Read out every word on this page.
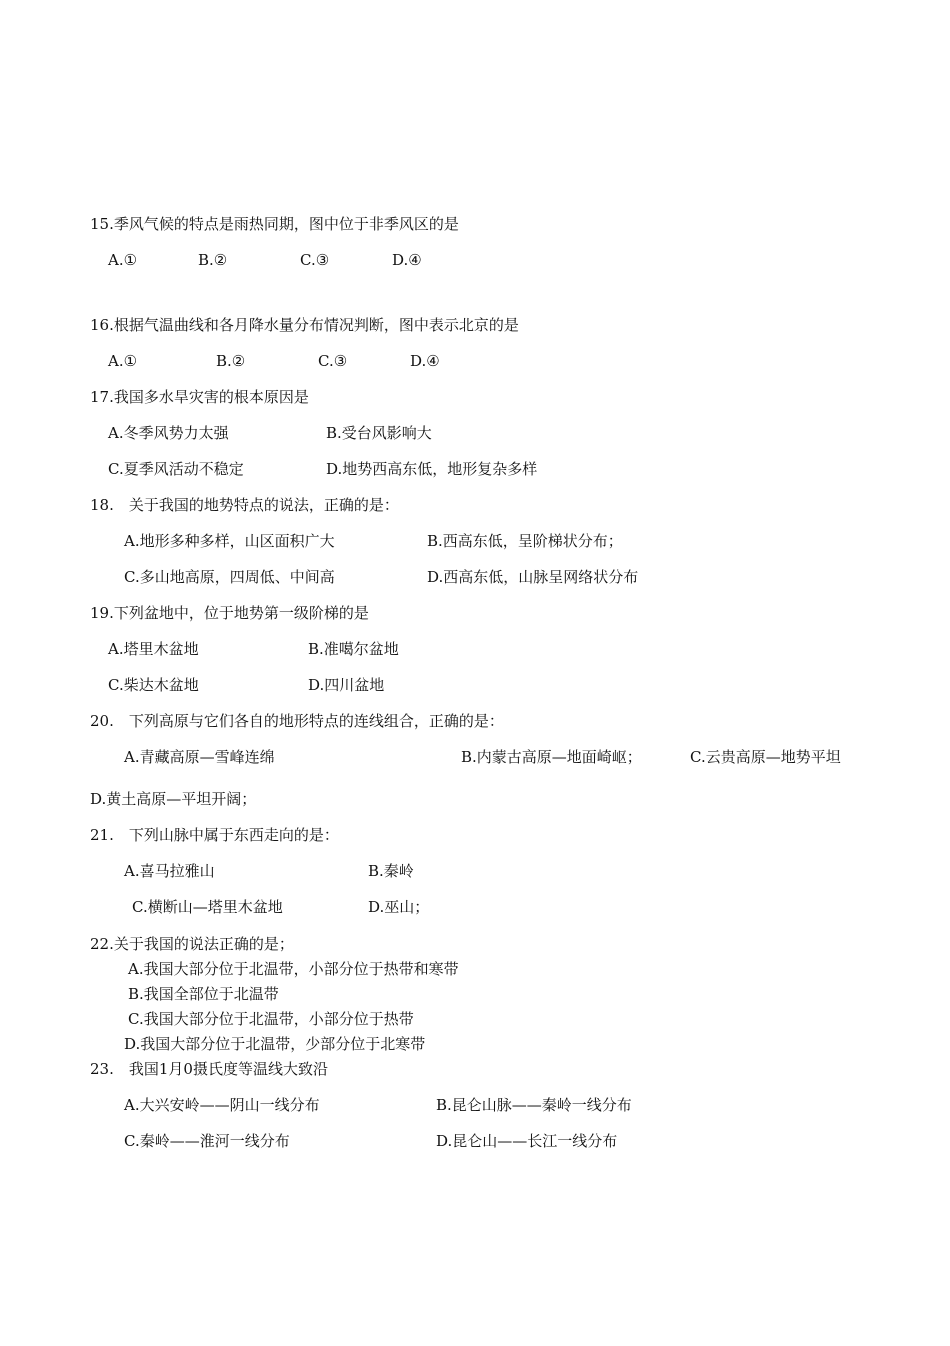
15.季风气候的特点是雨热同期，图中位于非季风区的是
A.①	B.②	C.③	D.④
16.根据气温曲线和各月降水量分布情况判断，图中表示北京的是
A.①	B.②	C.③	D.④
17.我国多水旱灾害的根本原因是
A.冬季风势力太强	B.受台风影响大
C.夏季风活动不稳定	D.地势西高东低，地形复杂多样
18.　关于我国的地势特点的说法，正确的是：
A.地形多种多样，山区面积广大	B.西高东低，呈阶梯状分布；
C.多山地高原，四周低、中间高	D.西高东低，山脉呈网络状分布
19.下列盆地中，位于地势第一级阶梯的是
A.塔里木盆地	B.准噶尔盆地
C.柴达木盆地	D.四川盆地
20.　下列高原与它们各自的地形特点的连线组合，正确的是：
A.青藏高原—雪峰连绵	B.内蒙古高原—地面崎岖；	C.云贵高原—地势平坦
D.黄土高原—平坦开阔；
21.　下列山脉中属于东西走向的是：
A.喜马拉雅山	B.秦岭
C.横断山—塔里木盆地	D.巫山；
22.关于我国的说法正确的是；
A.我国大部分位于北温带，小部分位于热带和寒带
B.我国全部位于北温带
C.我国大部分位于北温带，小部分位于热带
D.我国大部分位于北温带，少部分位于北寒带
23.　我国1月0摄氏度等温线大致沿
A.大兴安岭——阴山一线分布	B.昆仑山脉——秦岭一线分布
C.秦岭——淮河一线分布	D.昆仑山——长江一线分布
